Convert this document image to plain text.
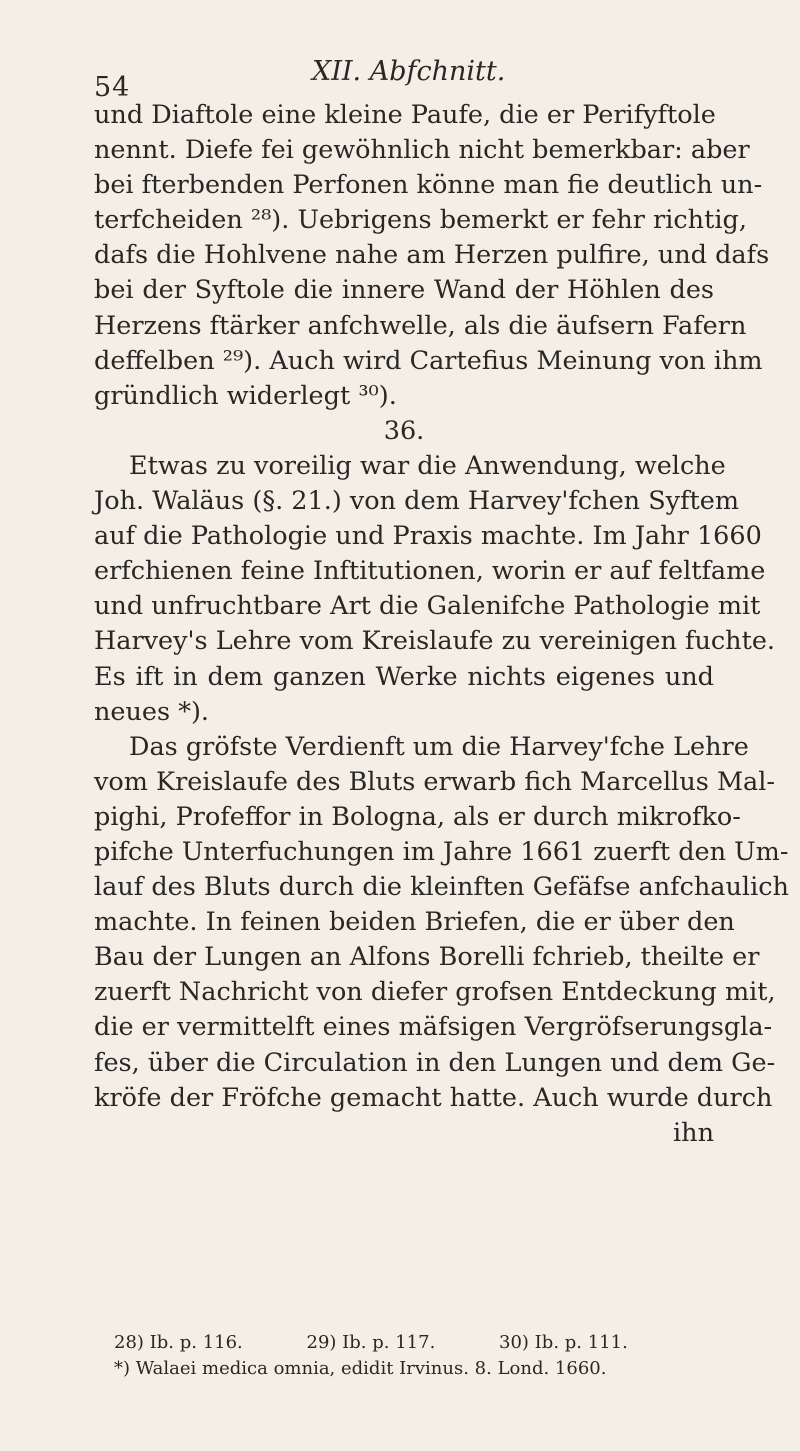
54
XII. Abfchnitt.
und Diaftole eine kleine Paufe, die er Perifyftole
nennt. Diefe fei gewöhnlich nicht bemerkbar: aber
bei fterbenden Perfonen könne man fie deutlich un-
terfcheiden ²⁸). Uebrigens bemerkt er fehr richtig,
dafs die Hohlvene nahe am Herzen pulfire, und dafs
bei der Syftole die innere Wand der Höhlen des
Herzens ftärker anfchwelle, als die äufsern Fafern
deffelben ²⁹). Auch wird Cartefius Meinung von ihm
gründlich widerlegt ³⁰).
36.
Etwas zu voreilig war die Anwendung, welche
Joh. Waläus (§. 21.) von dem Harvey'fchen Syftem
auf die Pathologie und Praxis machte. Im Jahr 1660
erfchienen feine Inftitutionen, worin er auf feltfame
und unfruchtbare Art die Galenifche Pathologie mit
Harvey's Lehre vom Kreislaufe zu vereinigen fuchte.
Es ift in dem ganzen Werke nichts eigenes und
neues *).
Das gröfste Verdienft um die Harvey'fche Lehre
vom Kreislaufe des Bluts erwarb fich Marcellus Mal-
pighi, Profeffor in Bologna, als er durch mikrofko-
pifche Unterfuchungen im Jahre 1661 zuerft den Um-
lauf des Bluts durch die kleinften Gefäfse anfchaulich
machte. In feinen beiden Briefen, die er über den
Bau der Lungen an Alfons Borelli fchrieb, theilte er
zuerft Nachricht von diefer grofsen Entdeckung mit,
die er vermittelft eines mäfsigen Vergröfserungsgla-
fes, über die Circulation in den Lungen und dem Ge-
kröfe der Fröfche gemacht hatte. Auch wurde durch
ihn
28) Ib. p. 116.	29) Ib. p. 117.	30) Ib. p. 111.
*) Walaei medica omnia, edidit Irvinus. 8. Lond. 1660.
